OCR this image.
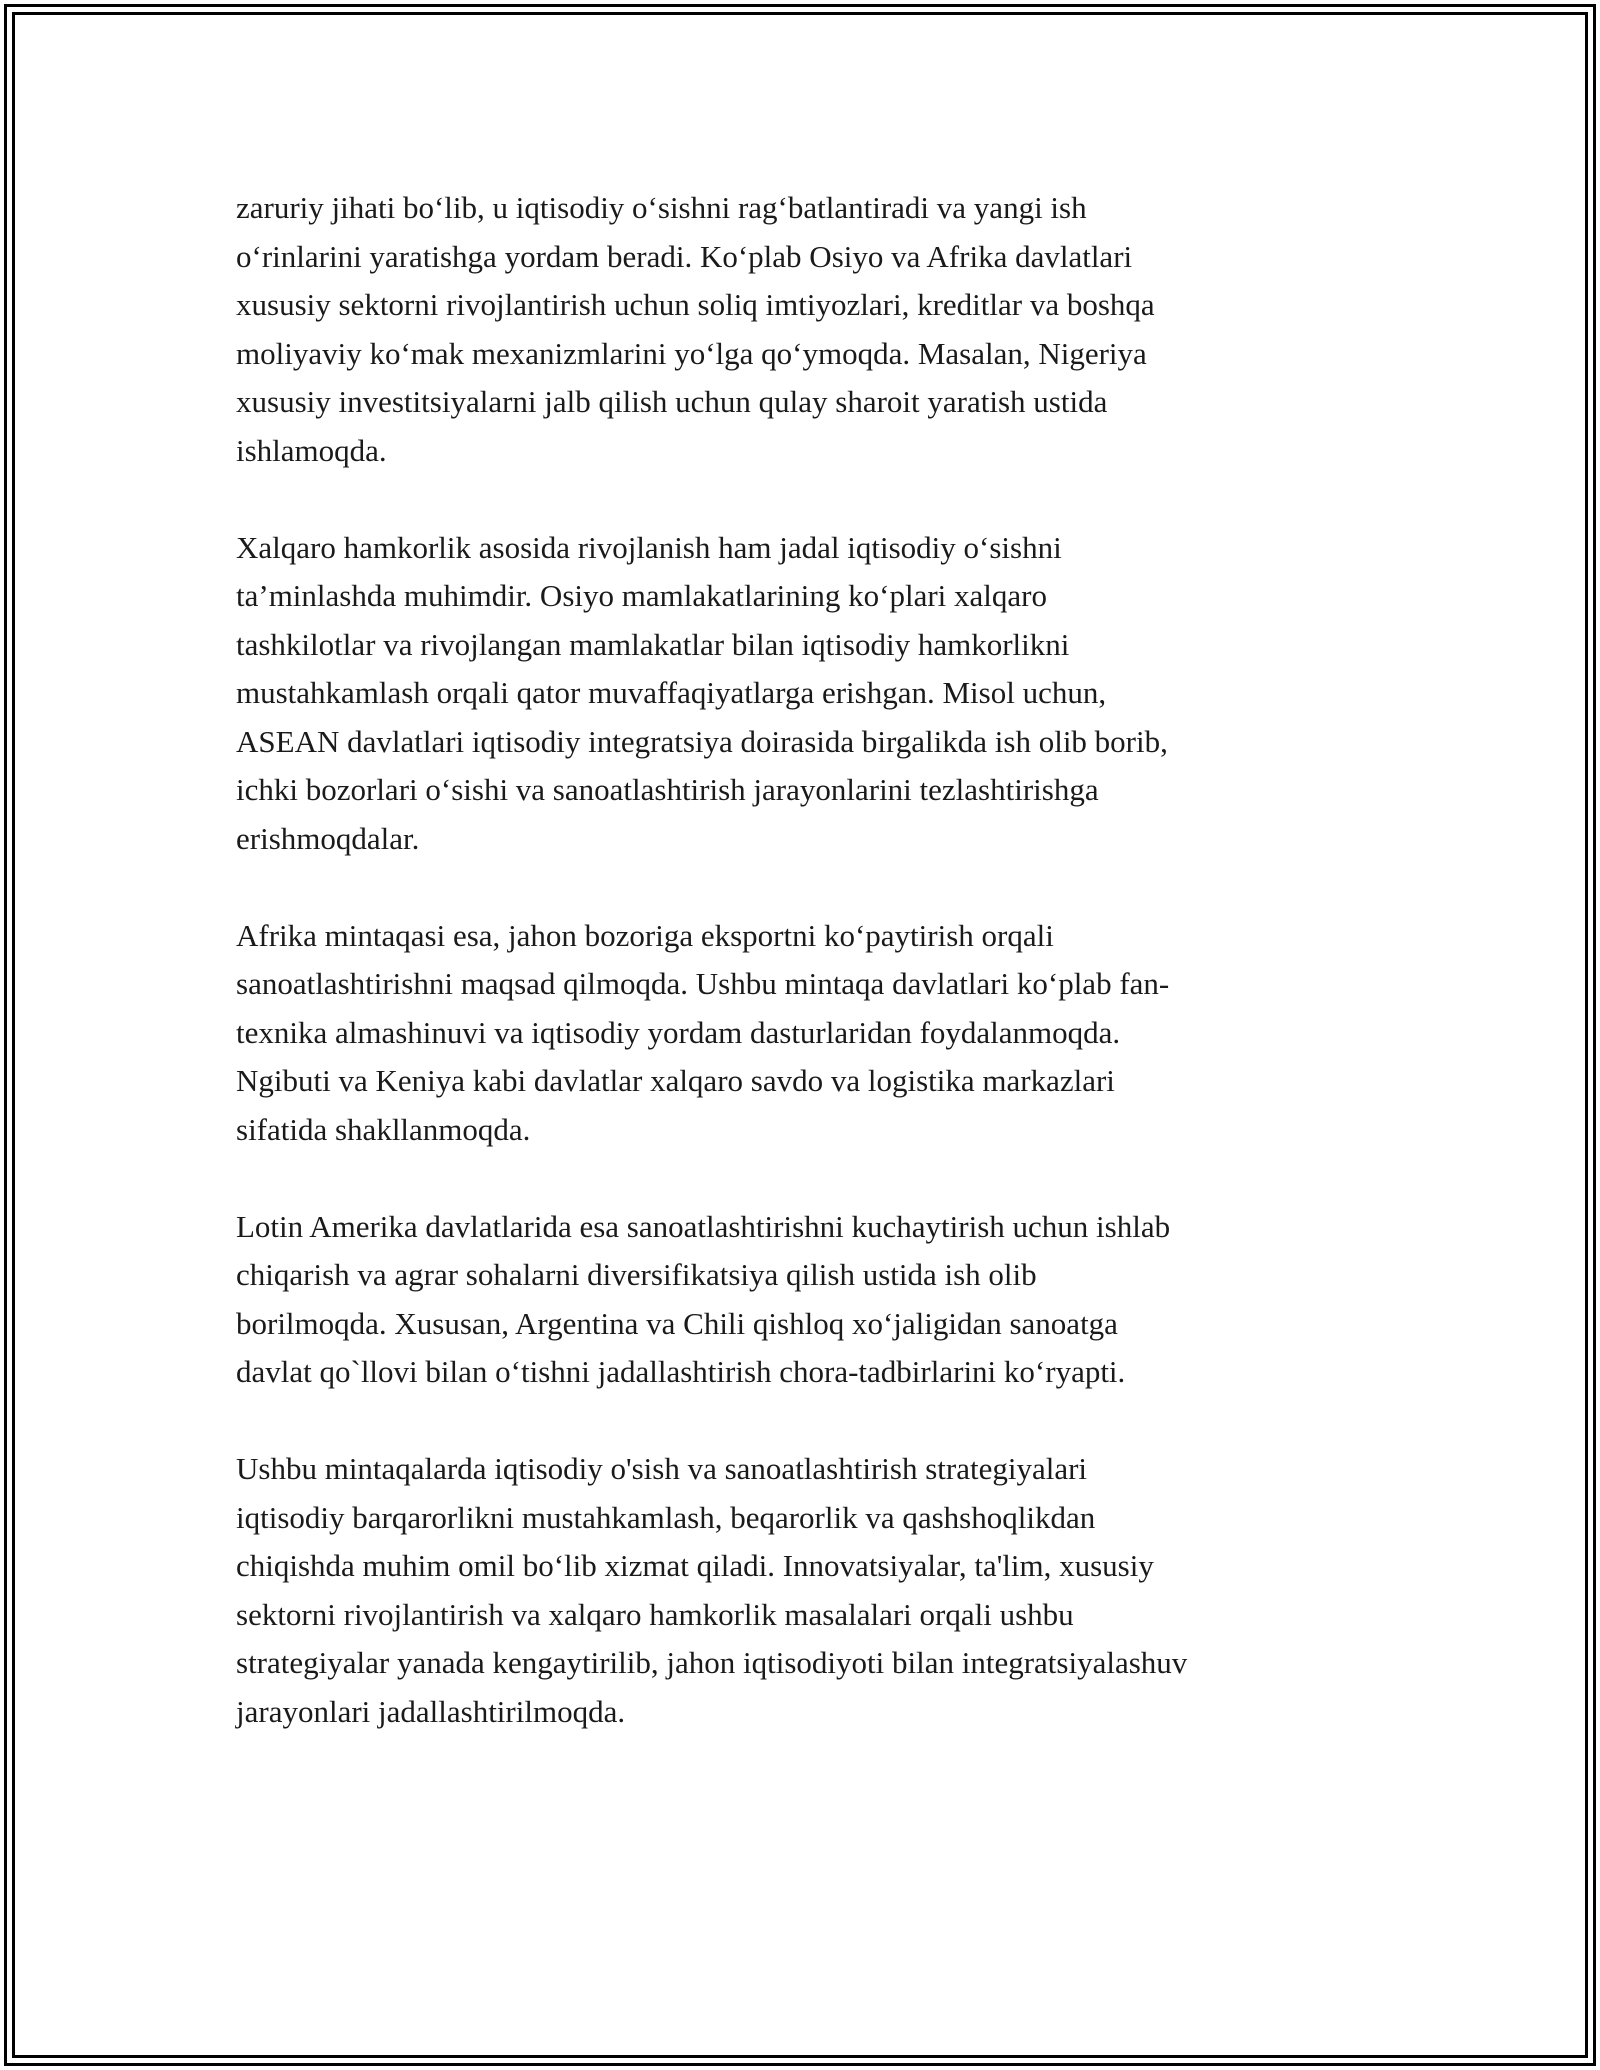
zaruriy jihati bo‘lib, u iqtisodiy o‘sishni rag‘batlantiradi va yangi ish
o‘rinlarini yaratishga yordam beradi. Ko‘plab Osiyo va Afrika davlatlari
xususiy sektorni rivojlantirish uchun soliq imtiyozlari, kreditlar va boshqa
moliyaviy ko‘mak mexanizmlarini yo‘lga qo‘ymoqda. Masalan, Nigeriya
xususiy investitsiyalarni jalb qilish uchun qulay sharoit yaratish ustida
ishlamoqda.

Xalqaro hamkorlik asosida rivojlanish ham jadal iqtisodiy o‘sishni
ta’minlashda muhimdir. Osiyo mamlakatlarining ko‘plari xalqaro
tashkilotlar va rivojlangan mamlakatlar bilan iqtisodiy hamkorlikni
mustahkamlash orqali qator muvaffaqiyatlarga erishgan. Misol uchun,
ASEAN davlatlari iqtisodiy integratsiya doirasida birgalikda ish olib borib,
ichki bozorlari o‘sishi va sanoatlashtirish jarayonlarini tezlashtirishga
erishmoqdalar.

Afrika mintaqasi esa, jahon bozoriga eksportni ko‘paytirish orqali
sanoatlashtirishni maqsad qilmoqda. Ushbu mintaqa davlatlari ko‘plab fan-
texnika almashinuvi va iqtisodiy yordam dasturlaridan foydalanmoqda.
Ngibuti va Keniya kabi davlatlar xalqaro savdo va logistika markazlari
sifatida shakllanmoqda.

Lotin Amerika davlatlarida esa sanoatlashtirishni kuchaytirish uchun ishlab
chiqarish va agrar sohalarni diversifikatsiya qilish ustida ish olib
borilmoqda. Xususan, Argentina va Chili qishloq xo‘jaligidan sanoatga
davlat qo`llovi bilan o‘tishni jadallashtirish chora-tadbirlarini ko‘ryapti.

Ushbu mintaqalarda iqtisodiy o'sish va sanoatlashtirish strategiyalari
iqtisodiy barqarorlikni mustahkamlash, beqarorlik va qashshoqlikdan
chiqishda muhim omil bo‘lib xizmat qiladi. Innovatsiyalar, ta'lim, xususiy
sektorni rivojlantirish va xalqaro hamkorlik masalalari orqali ushbu
strategiyalar yanada kengaytirilib, jahon iqtisodiyoti bilan integratsiyalashuv
jarayonlari jadallashtirilmoqda.
